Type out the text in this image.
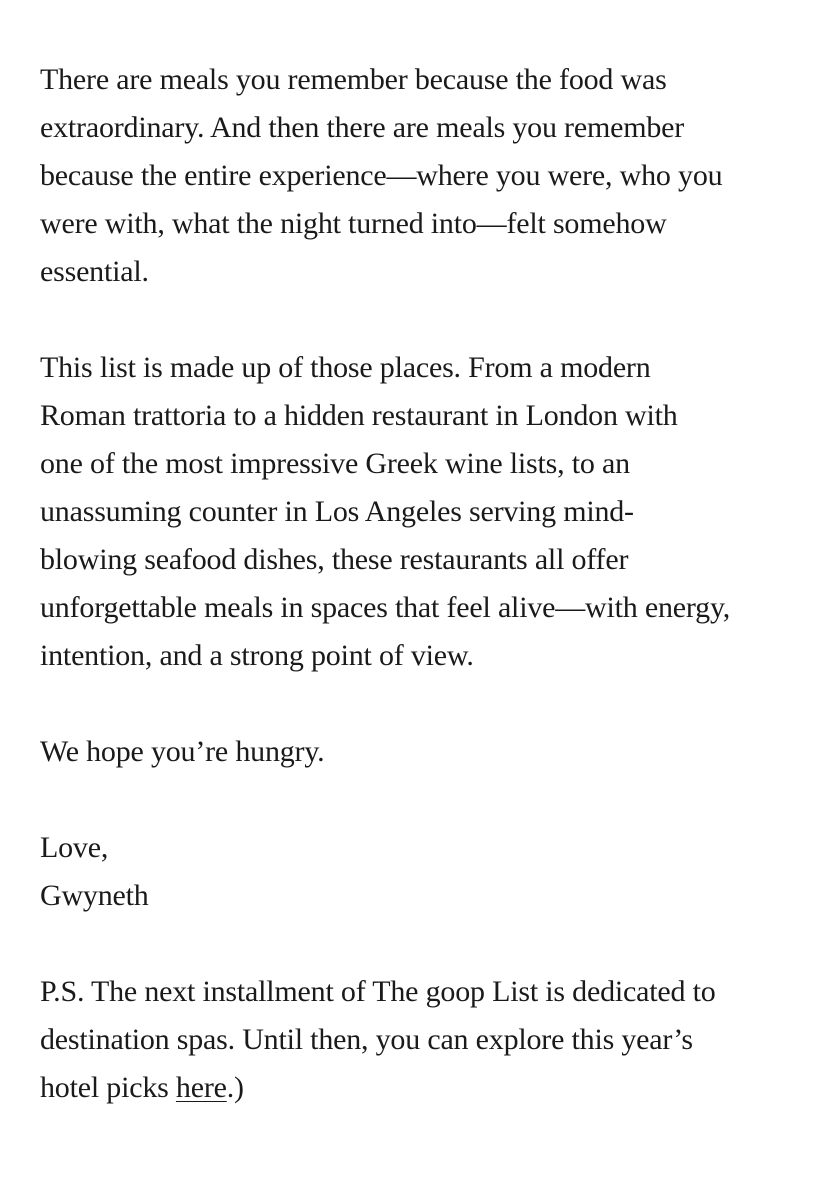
There are meals you remember because the food was
extraordinary. And then there are meals you remember
because the entire experience—where you were, who you
were with, what the night turned into—felt somehow
essential.

This list is made up of those places. From a modern
Roman trattoria to a hidden restaurant in London with
one of the most impressive Greek wine lists, to an
unassuming counter in Los Angeles serving mind-
blowing seafood dishes, these restaurants all offer
unforgettable meals in spaces that feel alive—with energy,
intention, and a strong point of view.

We hope you’re hungry.

Love,
Gwyneth

P.S. The next installment of The goop List is dedicated to
destination spas. Until then, you can explore this year’s
hotel picks here.)
